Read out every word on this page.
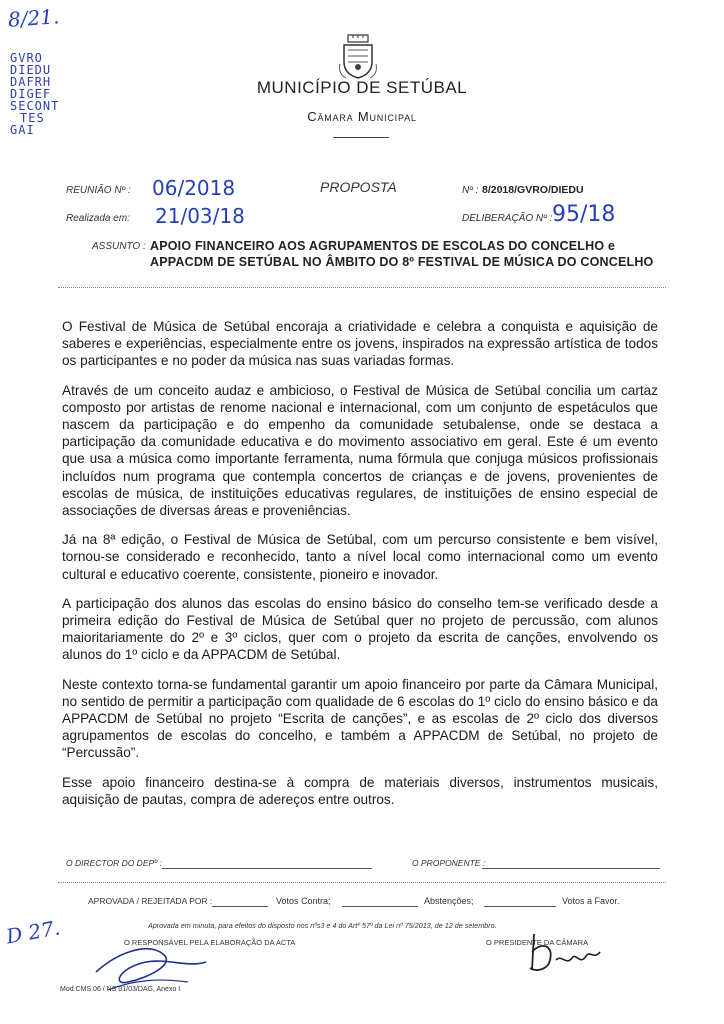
8/21.
GVRO
DIEDU
DAFRH
DIGEF
SECONT
TES
GAI
MUNICÍPIO DE SETÚBAL
Câmara Municipal
REUNIÃO Nº : 06/2018	PROPOSTA	Nº : 8/2018/GVRO/DIEDU
Realizada em: 21/03/18	DELIBERAÇÃO Nº : 95/18
ASSUNTO : APOIO FINANCEIRO AOS AGRUPAMENTOS DE ESCOLAS DO CONCELHO e APPACDM DE SETÚBAL NO ÂMBITO DO 8º FESTIVAL DE MÚSICA DO CONCELHO

O Festival de Música de Setúbal encoraja a criatividade e celebra a conquista e aquisição de saberes e experiências, especialmente entre os jovens, inspirados na expressão artística de todos os participantes e no poder da música nas suas variadas formas.

Através de um conceito audaz e ambicioso, o Festival de Música de Setúbal concilia um cartaz composto por artistas de renome nacional e internacional, com um conjunto de espetáculos que nascem da participação e do empenho da comunidade setubalense, onde se destaca a participação da comunidade educativa e do movimento associativo em geral. Este é um evento que usa a música como importante ferramenta, numa fórmula que conjuga músicos profissionais incluídos num programa que contempla concertos de crianças e de jovens, provenientes de escolas de música, de instituições educativas regulares, de instituições de ensino especial de associações de diversas áreas e proveniências.

Já na 8ª edição, o Festival de Música de Setúbal, com um percurso consistente e bem visível, tornou-se considerado e reconhecido, tanto a nível local como internacional como um evento cultural e educativo coerente, consistente, pioneiro e inovador.

A participação dos alunos das escolas do ensino básico do conselho tem-se verificado desde a primeira edição do Festival de Música de Setúbal quer no projeto de percussão, com alunos maioritariamente do 2º e 3º ciclos, quer com o projeto da escrita de canções, envolvendo os alunos do 1º ciclo e da APPACDM de Setúbal.

Neste contexto torna-se fundamental garantir um apoio financeiro por parte da Câmara Municipal, no sentido de permitir a participação com qualidade de 6 escolas do 1º ciclo do ensino básico e da APPACDM de Setúbal no projeto “Escrita de canções”, e as escolas de 2º ciclo dos diversos agrupamentos de escolas do concelho, e também a APPACDM de Setúbal, no projeto de “Percussão”.

Esse apoio financeiro destina-se à compra de materiais diversos, instrumentos musicais, aquisição de pautas, compra de adereços entre outros.

O DIRECTOR DO DEPº :	O PROPONENTE :
APROVADA / REJEITADA POR :	Votos Contra;	Abstenções;	Votos a Favor.
Aprovada em minuta, para efeitos do disposto nos nºs3 e 4 do Artº 57º da Lei nº 75/2013, de 12 de setembro.
O RESPONSÁVEL PELA ELABORAÇÃO DA ACTA	O PRESIDENTE DA CÂMARA
D 27.
Mod.CMS.06 / NS 01/03/DAG, Anexo I
